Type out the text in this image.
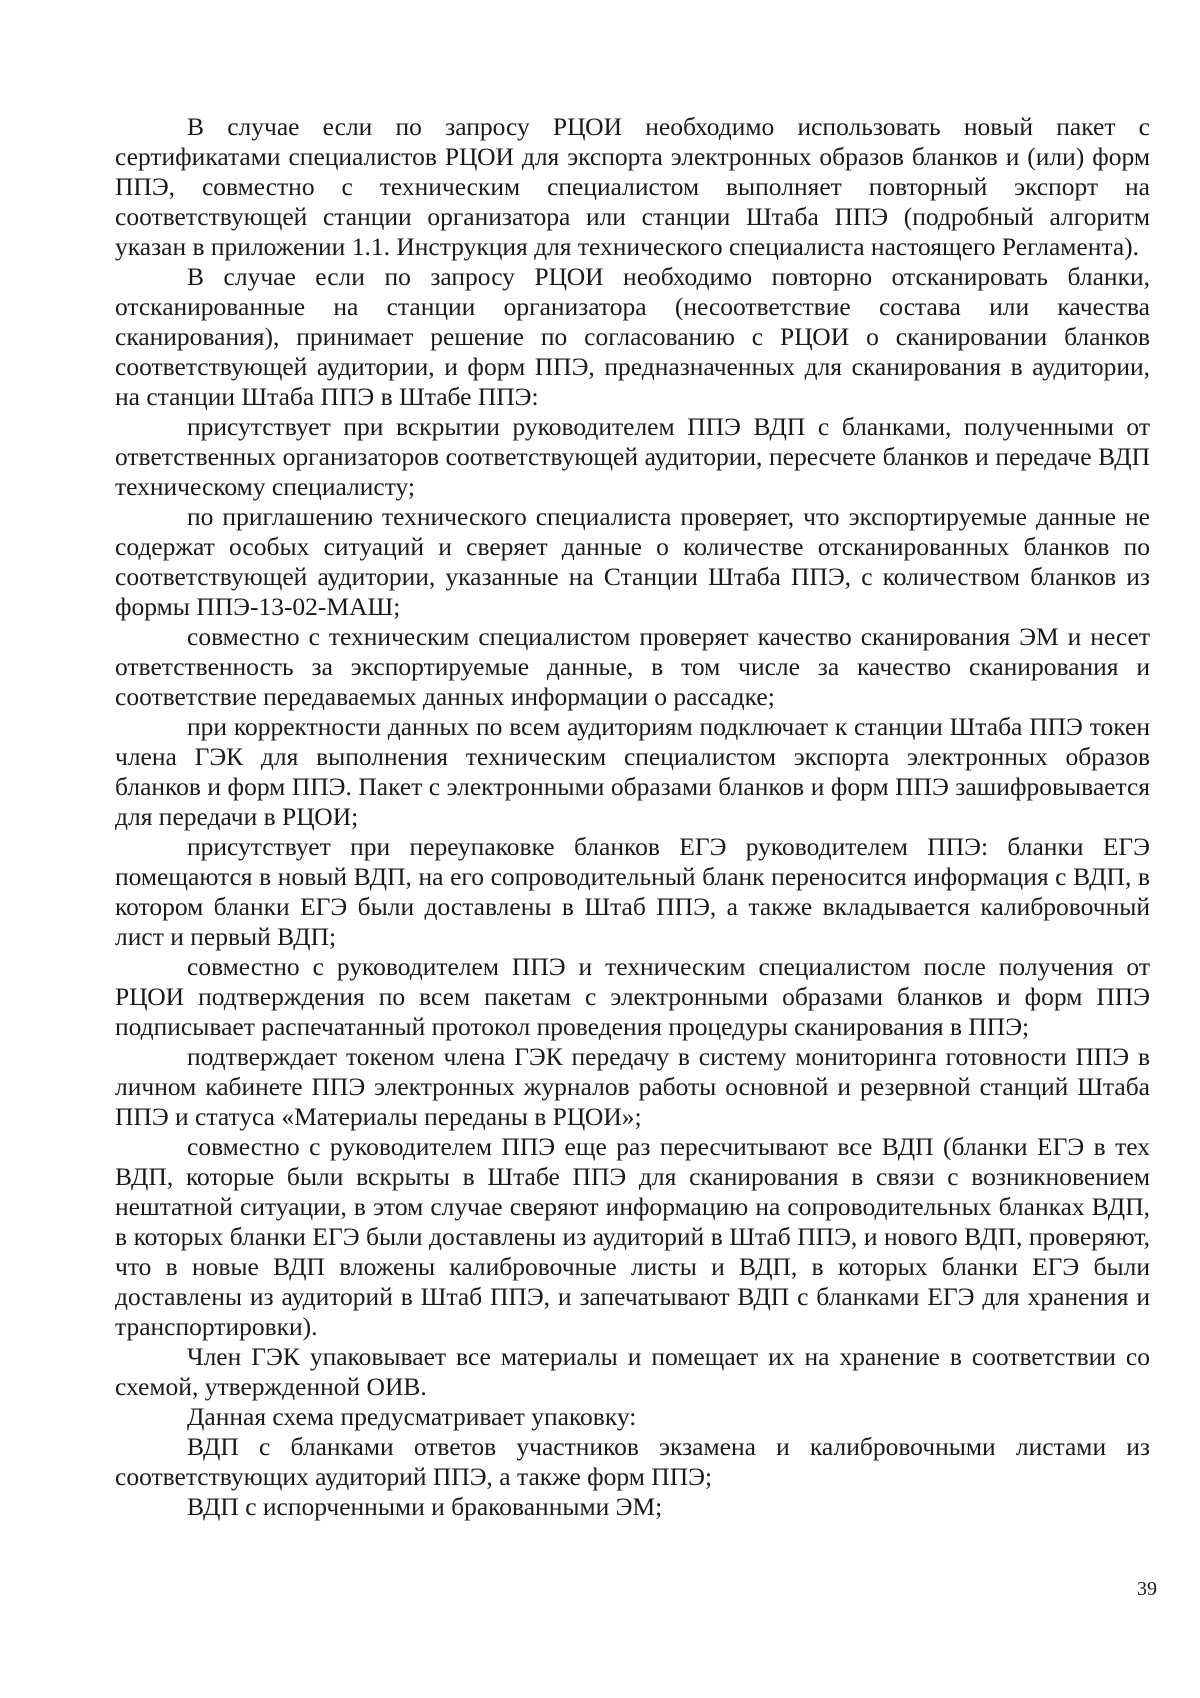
В случае если по запросу РЦОИ необходимо использовать новый пакет с сертификатами специалистов РЦОИ для экспорта электронных образов бланков и (или) форм ППЭ, совместно с техническим специалистом выполняет повторный экспорт на соответствующей станции организатора или станции Штаба ППЭ (подробный алгоритм указан в приложении 1.1. Инструкция для технического специалиста настоящего Регламента).

В случае если по запросу РЦОИ необходимо повторно отсканировать бланки, отсканированные на станции организатора (несоответствие состава или качества сканирования), принимает решение по согласованию с РЦОИ о сканировании бланков соответствующей аудитории, и форм ППЭ, предназначенных для сканирования в аудитории, на станции Штаба ППЭ в Штабе ППЭ:

присутствует при вскрытии руководителем ППЭ ВДП с бланками, полученными от ответственных организаторов соответствующей аудитории, пересчете бланков и передаче ВДП техническому специалисту;

по приглашению технического специалиста проверяет, что экспортируемые данные не содержат особых ситуаций и сверяет данные о количестве отсканированных бланков по соответствующей аудитории, указанные на Станции Штаба ППЭ, с количеством бланков из формы ППЭ-13-02-МАШ;

совместно с техническим специалистом проверяет качество сканирования ЭМ и несет ответственность за экспортируемые данные, в том числе за качество сканирования и соответствие передаваемых данных информации о рассадке;

при корректности данных по всем аудиториям подключает к станции Штаба ППЭ токен члена ГЭК для выполнения техническим специалистом экспорта электронных образов бланков и форм ППЭ. Пакет с электронными образами бланков и форм ППЭ зашифровывается для передачи в РЦОИ;

присутствует при переупаковке бланков ЕГЭ руководителем ППЭ: бланки ЕГЭ помещаются в новый ВДП, на его сопроводительный бланк переносится информация с ВДП, в котором бланки ЕГЭ были доставлены в Штаб ППЭ, а также вкладывается калибровочный лист и первый ВДП;

совместно с руководителем ППЭ и техническим специалистом после получения от РЦОИ подтверждения по всем пакетам с электронными образами бланков и форм ППЭ подписывает распечатанный протокол проведения процедуры сканирования в ППЭ;

подтверждает токеном члена ГЭК передачу в систему мониторинга готовности ППЭ в личном кабинете ППЭ электронных журналов работы основной и резервной станций Штаба ППЭ и статуса «Материалы переданы в РЦОИ»;

совместно с руководителем ППЭ еще раз пересчитывают все ВДП (бланки ЕГЭ в тех ВДП, которые были вскрыты в Штабе ППЭ для сканирования в связи с возникновением нештатной ситуации, в этом случае сверяют информацию на сопроводительных бланках ВДП, в которых бланки ЕГЭ были доставлены из аудиторий в Штаб ППЭ, и нового ВДП, проверяют, что в новые ВДП вложены калибровочные листы и ВДП, в которых бланки ЕГЭ были доставлены из аудиторий в Штаб ППЭ, и запечатывают ВДП с бланками ЕГЭ для хранения и транспортировки).

Член ГЭК упаковывает все материалы и помещает их на хранение в соответствии со схемой, утвержденной ОИВ.

Данная схема предусматривает упаковку:

ВДП с бланками ответов участников экзамена и калибровочными листами из соответствующих аудиторий ППЭ, а также форм ППЭ;

ВДП с испорченными и бракованными ЭМ;

39
